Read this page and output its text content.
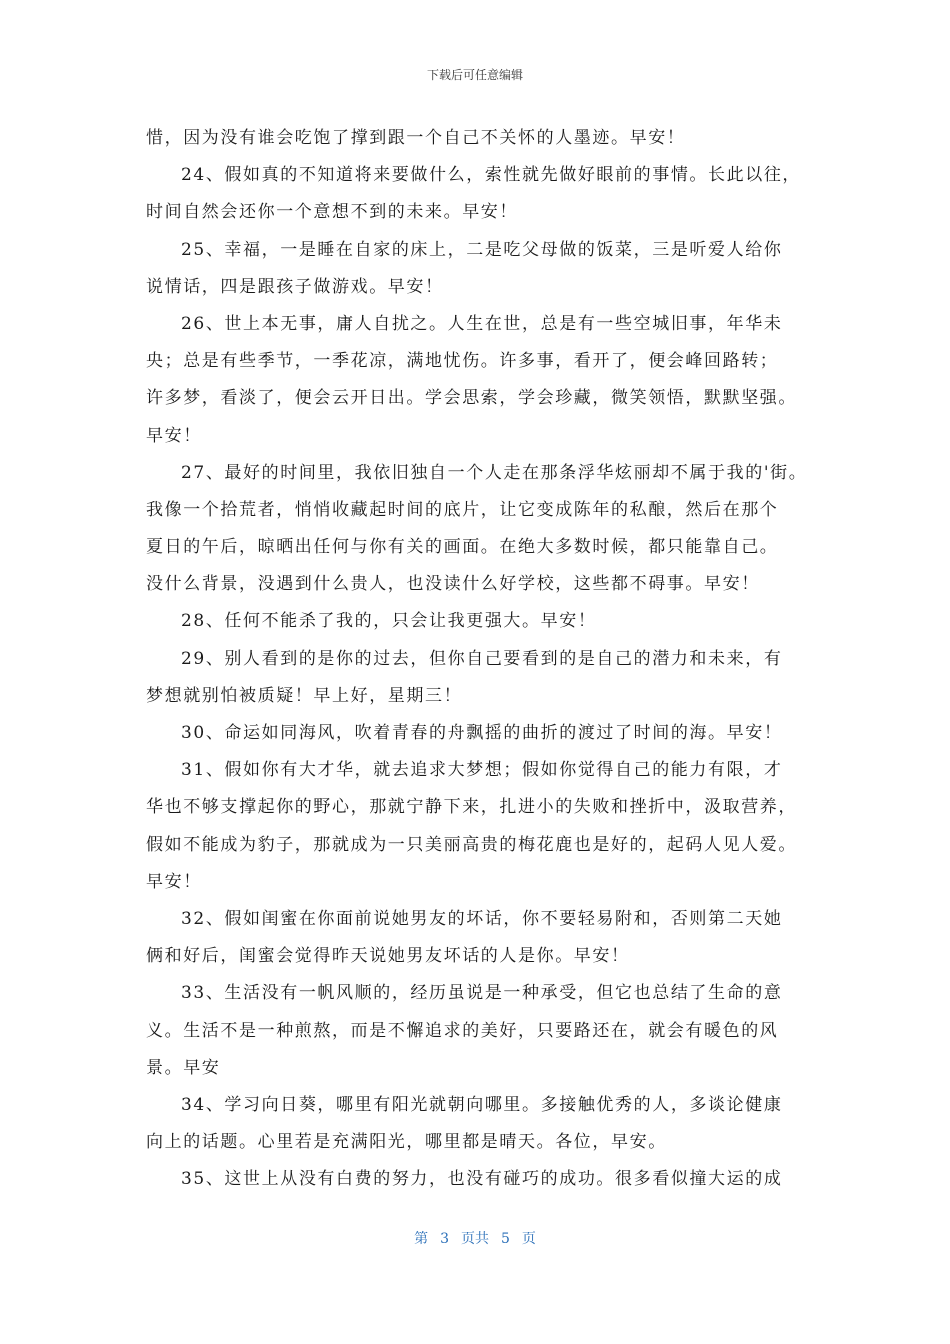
下载后可任意编辑
惜，因为没有谁会吃饱了撑到跟一个自己不关怀的人墨迹。早安！
24、假如真的不知道将来要做什么，索性就先做好眼前的事情。长此以往，
时间自然会还你一个意想不到的未来。早安！
25、幸福，一是睡在自家的床上，二是吃父母做的饭菜，三是听爱人给你
说情话，四是跟孩子做游戏。早安！
26、世上本无事，庸人自扰之。人生在世，总是有一些空城旧事，年华未
央；总是有些季节，一季花凉，满地忧伤。许多事，看开了，便会峰回路转；
许多梦，看淡了，便会云开日出。学会思索，学会珍藏，微笑领悟，默默坚强。
早安！
27、最好的时间里，我依旧独自一个人走在那条浮华炫丽却不属于我的'街。
我像一个拾荒者，悄悄收藏起时间的底片，让它变成陈年的私酿，然后在那个
夏日的午后，晾晒出任何与你有关的画面。在绝大多数时候，都只能靠自己。
没什么背景，没遇到什么贵人，也没读什么好学校，这些都不碍事。早安！
28、任何不能杀了我的，只会让我更强大。早安！
29、别人看到的是你的过去，但你自己要看到的是自己的潜力和未来，有
梦想就别怕被质疑！早上好，星期三！
30、命运如同海风，吹着青春的舟飘摇的曲折的渡过了时间的海。早安！
31、假如你有大才华，就去追求大梦想；假如你觉得自己的能力有限，才
华也不够支撑起你的野心，那就宁静下来，扎进小的失败和挫折中，汲取营养，
假如不能成为豹子，那就成为一只美丽高贵的梅花鹿也是好的，起码人见人爱。
早安！
32、假如闺蜜在你面前说她男友的坏话，你不要轻易附和，否则第二天她
俩和好后，闺蜜会觉得昨天说她男友坏话的人是你。早安！
33、生活没有一帆风顺的，经历虽说是一种承受，但它也总结了生命的意
义。生活不是一种煎熬，而是不懈追求的美好，只要路还在，就会有暖色的风
景。早安
34、学习向日葵，哪里有阳光就朝向哪里。多接触优秀的人，多谈论健康
向上的话题。心里若是充满阳光，哪里都是晴天。各位，早安。
35、这世上从没有白费的努力，也没有碰巧的成功。很多看似撞大运的成
第 3 页共 5 页
